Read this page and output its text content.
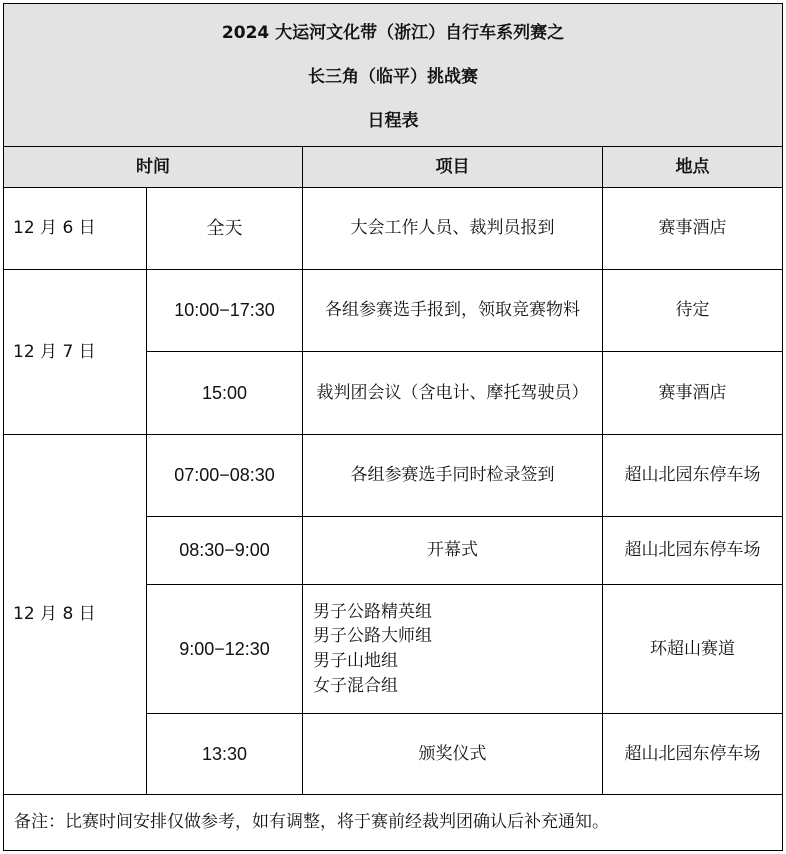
2024 大运河文化带（浙江）自行车系列赛之
长三角（临平）挑战赛
日程表			

时间		项目	地点
12 月 6 日	全天	大会工作人员、裁判员报到	赛事酒店
12 月 7 日	10:00−17:30	各组参赛选手报到，领取竞赛物料	待定
	15:00	裁判团会议（含电计、摩托驾驶员）	赛事酒店
12 月 8 日	07:00−08:30	各组参赛选手同时检录签到	超山北园东停车场
	08:30−9:00	开幕式	超山北园东停车场
	9:00−12:30	男子公路精英组
男子公路大师组
男子山地组
女子混合组	环超山赛道
	13:30	颁奖仪式	超山北园东停车场
备注：比赛时间安排仅做参考，如有调整，将于赛前经裁判团确认后补充通知。			
